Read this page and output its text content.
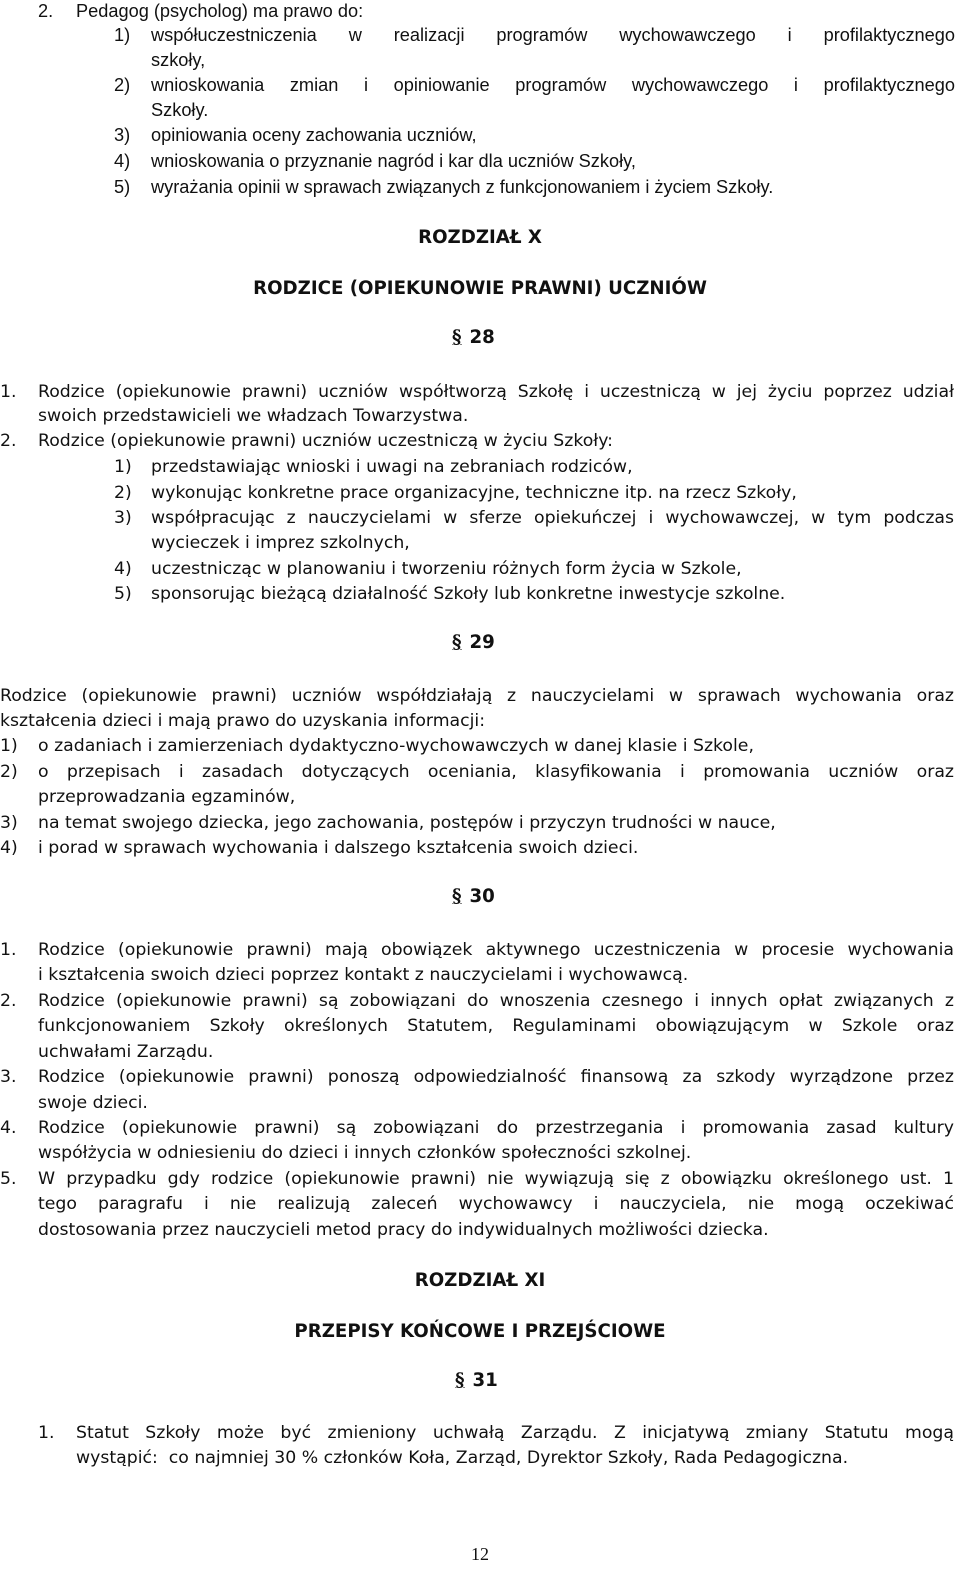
2. Pedagog (psycholog) ma prawo do:
1) współuczestniczenia w realizacji programów wychowawczego i profilaktycznego
szkoły,
2) wnioskowania zmian i opiniowanie programów wychowawczego i profilaktycznego
Szkoły.
3) opiniowania oceny zachowania uczniów,
4) wnioskowania o przyznanie nagród i kar dla uczniów Szkoły,
5) wyrażania opinii w sprawach związanych z funkcjonowaniem i życiem Szkoły.
ROZDZIAŁ X
RODZICE (OPIEKUNOWIE PRAWNI) UCZNIÓW
§ 28
1. Rodzice (opiekunowie prawni) uczniów współtworzą Szkołę i uczestniczą w jej życiu poprzez udział
swoich przedstawicieli we władzach Towarzystwa.
2. Rodzice (opiekunowie prawni) uczniów uczestniczą w życiu Szkoły:
1) przedstawiając wnioski i uwagi na zebraniach rodziców,
2) wykonując konkretne prace organizacyjne, techniczne itp. na rzecz Szkoły,
3) współpracując z nauczycielami w sferze opiekuńczej i wychowawczej, w tym podczas
wycieczek i imprez szkolnych,
4) uczestnicząc w planowaniu i tworzeniu różnych form życia w Szkole,
5) sponsorując bieżącą działalność Szkoły lub konkretne inwestycje szkolne.
§ 29
Rodzice (opiekunowie prawni) uczniów współdziałają z nauczycielami w sprawach wychowania oraz
kształcenia dzieci i mają prawo do uzyskania informacji:
1) o zadaniach i zamierzeniach dydaktyczno-wychowawczych w danej klasie i Szkole,
2) o przepisach i zasadach dotyczących oceniania, klasyfikowania i promowania uczniów oraz
przeprowadzania egzaminów,
3) na temat swojego dziecka, jego zachowania, postępów i przyczyn trudności w nauce,
4) i porad w sprawach wychowania i dalszego kształcenia swoich dzieci.
§ 30
1. Rodzice (opiekunowie prawni) mają obowiązek aktywnego uczestniczenia w procesie wychowania
i kształcenia swoich dzieci poprzez kontakt z nauczycielami i wychowawcą.
2. Rodzice (opiekunowie prawni) są zobowiązani do wnoszenia czesnego i innych opłat związanych z
funkcjonowaniem Szkoły określonych Statutem, Regulaminami obowiązującym w Szkole oraz
uchwałami Zarządu.
3. Rodzice (opiekunowie prawni) ponoszą odpowiedzialność finansową za szkody wyrządzone przez
swoje dzieci.
4. Rodzice (opiekunowie prawni) są zobowiązani do przestrzegania i promowania zasad kultury
współżycia w odniesieniu do dzieci i innych członków społeczności szkolnej.
5. W przypadku gdy rodzice (opiekunowie prawni) nie wywiązują się z obowiązku określonego ust. 1
tego paragrafu i nie realizują zaleceń wychowawcy i nauczyciela, nie mogą oczekiwać
dostosowania przez nauczycieli metod pracy do indywidualnych możliwości dziecka.
ROZDZIAŁ XI
PRZEPISY KOŃCOWE I PRZEJŚCIOWE
§ 31
1. Statut Szkoły może być zmieniony uchwałą Zarządu. Z inicjatywą zmiany Statutu mogą
wystąpić:  co najmniej 30 % członków Koła, Zarząd, Dyrektor Szkoły, Rada Pedagogiczna.
12
